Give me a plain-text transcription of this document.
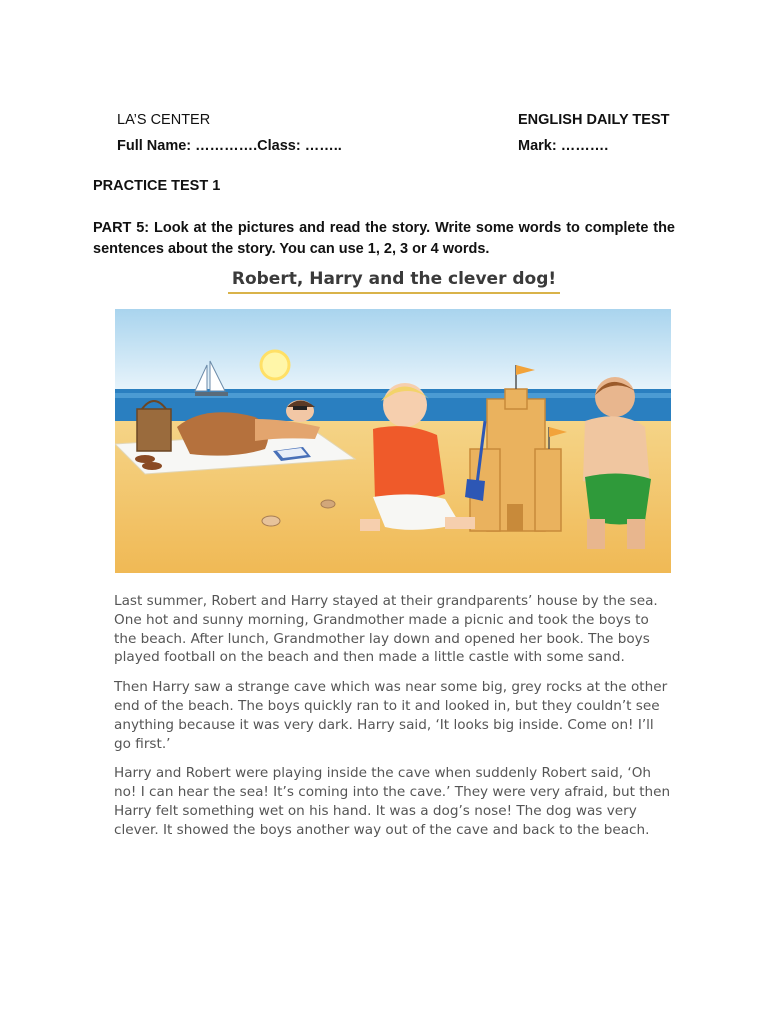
LA’S CENTER
Full Name: ………….Class: ……..
ENGLISH DAILY TEST
Mark: ……….
PRACTICE TEST 1
PART 5: Look at the pictures and read the story. Write some words to complete the sentences about the story. You can use 1, 2, 3 or 4 words.
Robert, Harry and the clever dog!

Last summer, Robert and Harry stayed at their grandparents’ house by the sea. One hot and sunny morning, Grandmother made a picnic and took the boys to the beach. After lunch, Grandmother lay down and opened her book. The boys played football on the beach and then made a little castle with some sand.

Then Harry saw a strange cave which was near some big, grey rocks at the other end of the beach. The boys quickly ran to it and looked in, but they couldn’t see anything because it was very dark. Harry said, ‘It looks big inside. Come on! I’ll go first.’

Harry and Robert were playing inside the cave when suddenly Robert said, ‘Oh no! I can hear the sea! It’s coming into the cave.’ They were very afraid, but then Harry felt something wet on his hand. It was a dog’s nose! The dog was very clever. It showed the boys another way out of the cave and back to the beach.
